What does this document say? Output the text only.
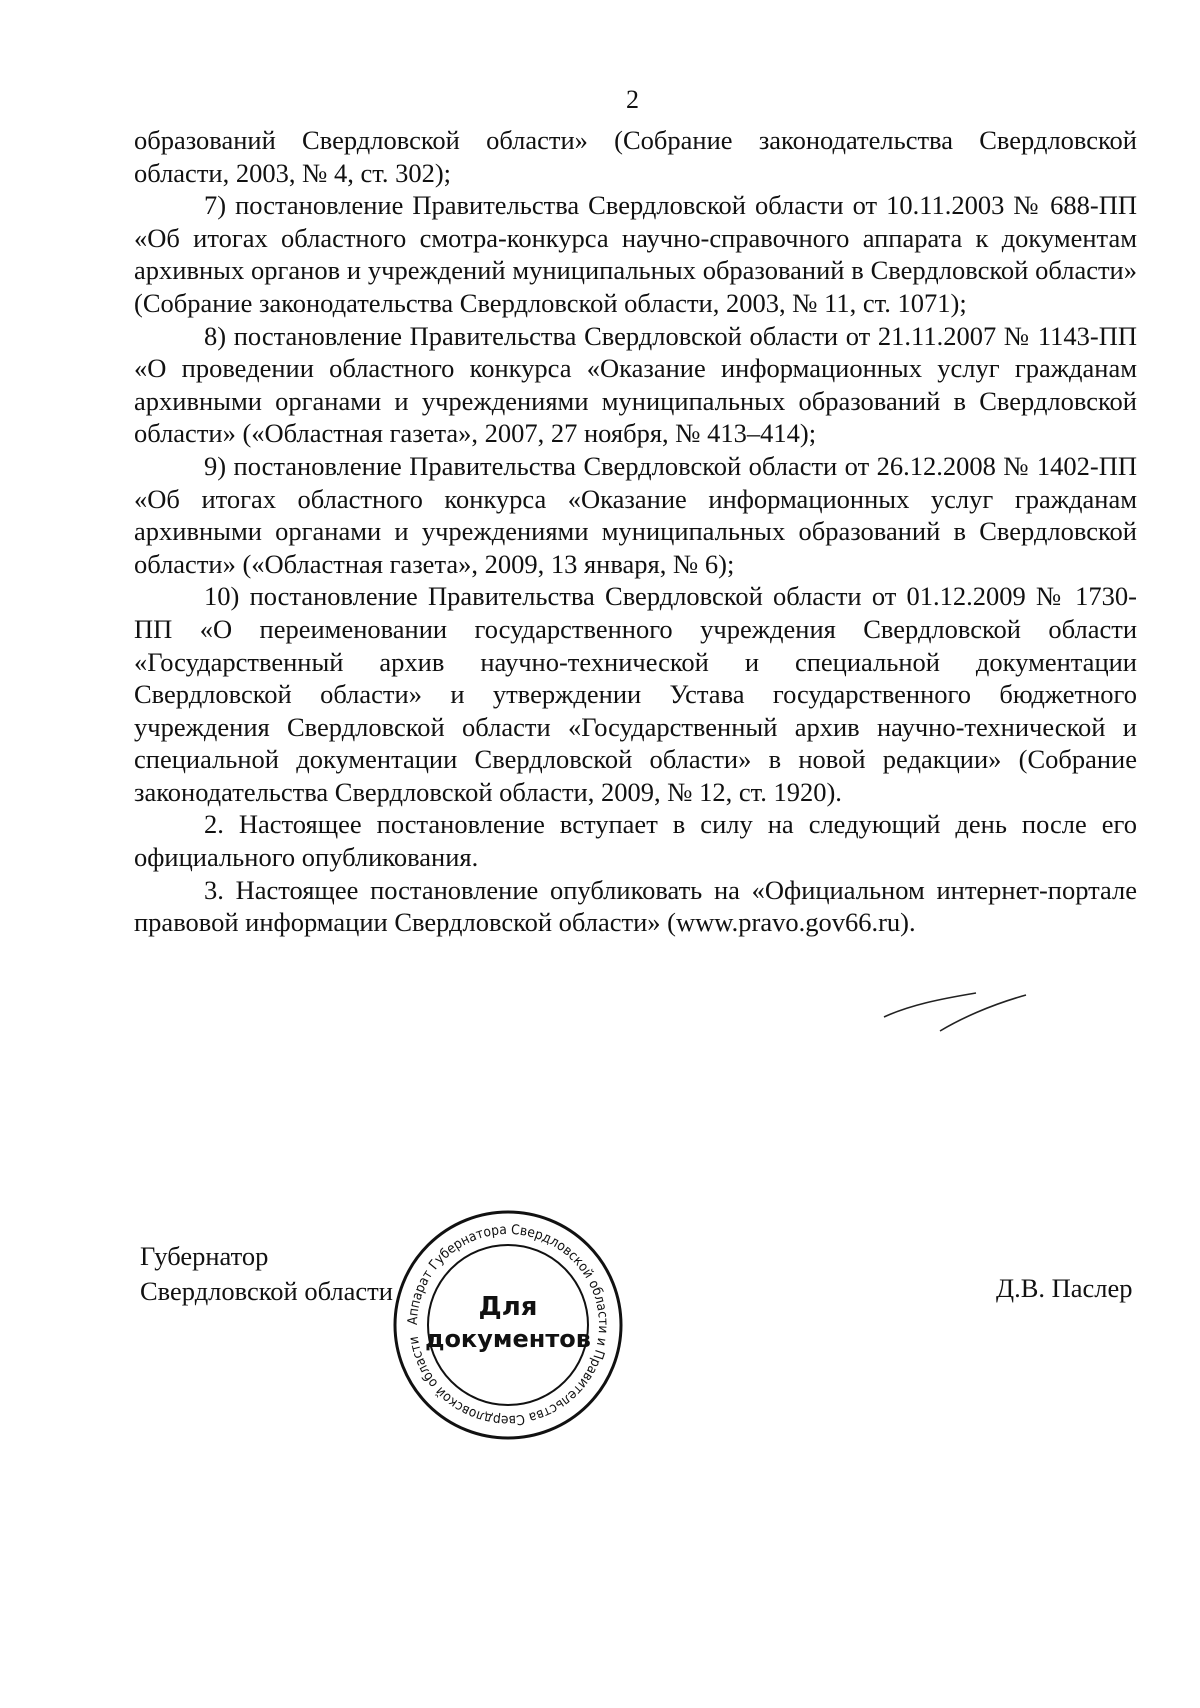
2

образований Свердловской области» (Собрание законодательства Свердловской области, 2003, № 4, ст. 302);

7) постановление Правительства Свердловской области от 10.11.2003 № 688-ПП «Об итогах областного смотра-конкурса научно-справочного аппарата к документам архивных органов и учреждений муниципальных образований в Свердловской области» (Собрание законодательства Свердловской области, 2003, № 11, ст. 1071);

8) постановление Правительства Свердловской области от 21.11.2007 № 1143-ПП «О проведении областного конкурса «Оказание информационных услуг гражданам архивными органами и учреждениями муниципальных образований в Свердловской области» («Областная газета», 2007, 27 ноября, № 413–414);

9) постановление Правительства Свердловской области от 26.12.2008 № 1402-ПП «Об итогах областного конкурса «Оказание информационных услуг гражданам архивными органами и учреждениями муниципальных образований в Свердловской области» («Областная газета», 2009, 13 января, № 6);

10) постановление Правительства Свердловской области от 01.12.2009 № 1730-ПП «О переименовании государственного учреждения Свердловской области «Государственный архив научно-технической и специальной документации Свердловской области» и утверждении Устава государственного бюджетного учреждения Свердловской области «Государственный архив научно-технической и специальной документации Свердловской области» в новой редакции» (Собрание законодательства Свердловской области, 2009, № 12, ст. 1920).

2. Настоящее постановление вступает в силу на следующий день после его официального опубликования.

3. Настоящее постановление опубликовать на «Официальном интернет-портале правовой информации Свердловской области» (www.pravo.gov66.ru).

Губернатор
Свердловской области
Аппарат Губернатора Свердловской области и Правительства Свердловской области
Для
документов
Д.В. Паслер
